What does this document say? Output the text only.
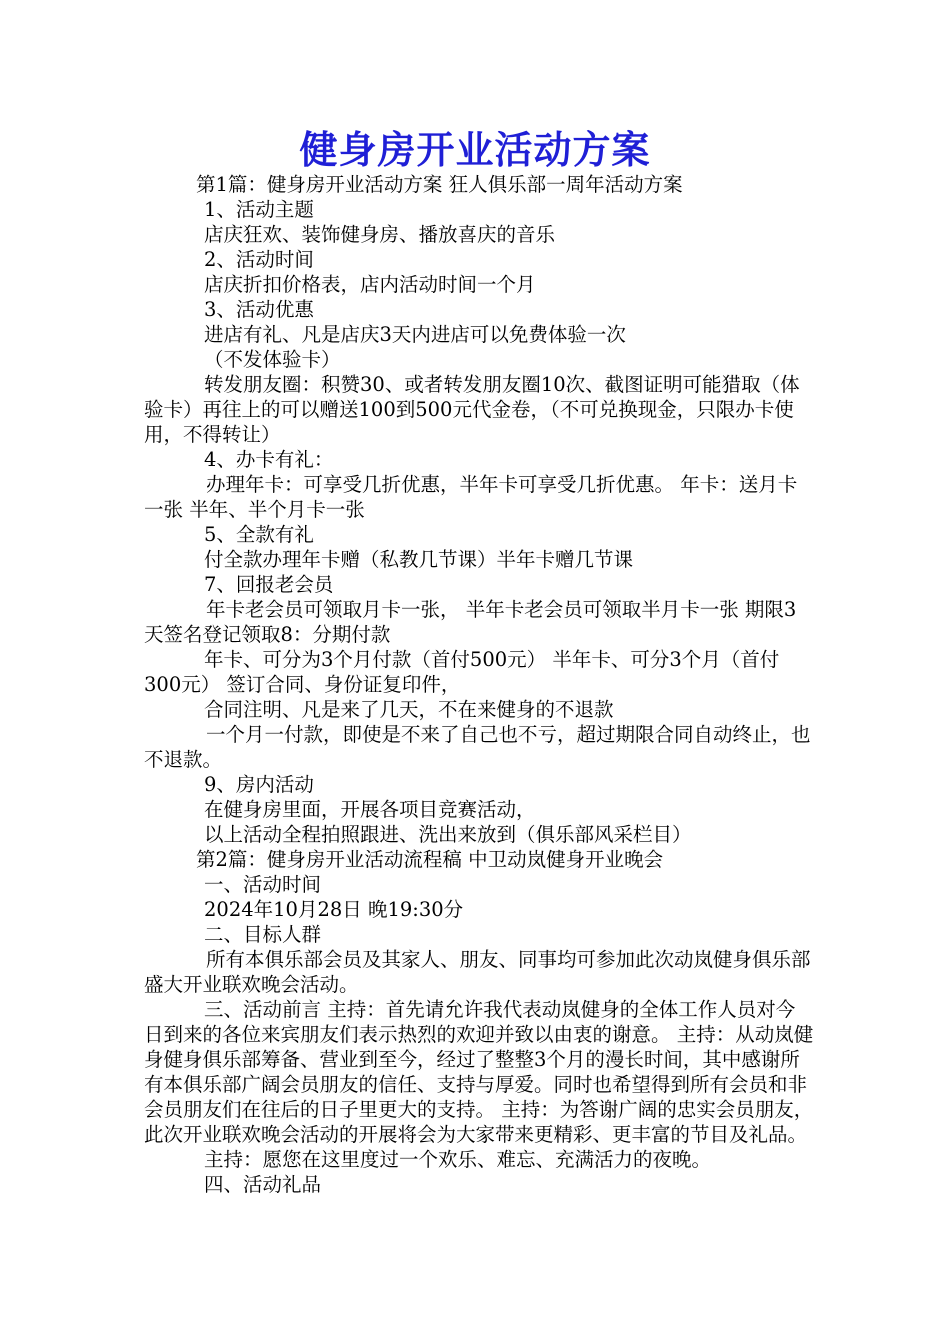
健身房开业活动方案

第1篇：健身房开业活动方案 狂人俱乐部一周年活动方案

1、活动主题

店庆狂欢、装饰健身房、播放喜庆的音乐

2、活动时间

店庆折扣价格表，店内活动时间一个月

3、活动优惠

进店有礼、凡是店庆3天内进店可以免费体验一次

（不发体验卡）

转发朋友圈：积赞30、或者转发朋友圈10次、截图证明可能猎取（体验卡）再往上的可以赠送100到500元代金卷，（不可兑换现金，只限办卡使用，不得转让）

4、办卡有礼：

办理年卡：可享受几折优惠，半年卡可享受几折优惠。 年卡：送月卡一张 半年、半个月卡一张

5、全款有礼

付全款办理年卡赠（私教几节课）半年卡赠几节课

7、回报老会员

年卡老会员可领取月卡一张， 半年卡老会员可领取半月卡一张 期限3天签名登记领取8：分期付款

年卡、可分为3个月付款（首付500元） 半年卡、可分3个月（首付300元） 签订合同、身份证复印件，

合同注明、凡是来了几天，不在来健身的不退款

一个月一付款，即使是不来了自己也不亏，超过期限合同自动终止，也不退款。

9、房内活动

在健身房里面，开展各项目竞赛活动，

以上活动全程拍照跟进、洗出来放到（俱乐部风采栏目）

第2篇：健身房开业活动流程稿 中卫动岚健身开业晚会

一、活动时间

2024年10月28日 晚19:30分

二、目标人群

所有本俱乐部会员及其家人、朋友、同事均可参加此次动岚健身俱乐部盛大开业联欢晚会活动。

三、活动前言 主持：首先请允许我代表动岚健身的全体工作人员对今日到来的各位来宾朋友们表示热烈的欢迎并致以由衷的谢意。 主持：从动岚健身健身俱乐部筹备、营业到至今，经过了整整3个月的漫长时间，其中感谢所有本俱乐部广阔会员朋友的信任、支持与厚爱。同时也希望得到所有会员和非会员朋友们在往后的日子里更大的支持。 主持：为答谢广阔的忠实会员朋友，此次开业联欢晚会活动的开展将会为大家带来更精彩、更丰富的节目及礼品。

主持：愿您在这里度过一个欢乐、难忘、充满活力的夜晚。

四、活动礼品
